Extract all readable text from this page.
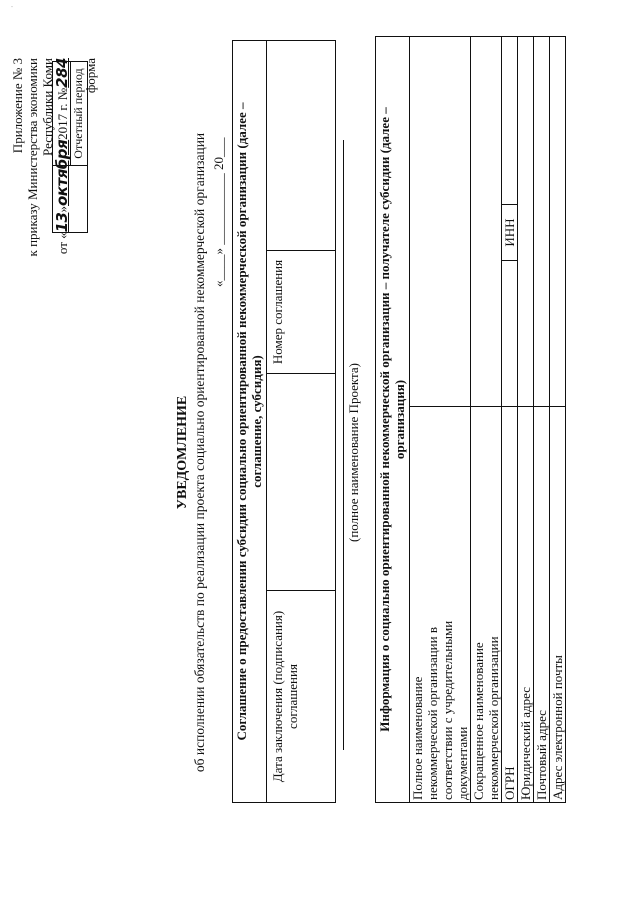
·
Приложение № 3 к приказу Министерства экономики Республики Коми
от «13»октября2017 г. №284 форма
Отчетный период
УВЕДОМЛЕНИЕ об исполнении обязательств по реализации проекта социально ориентированной некоммерческой организации «____» ___________ 20___ Соглашение о предоставлении субсидии социально ориентированной некоммерческой организации (далее – соглашение, субсидия)
Дата заключения (подписания) соглашения
Номер соглашения
(полное наименование Проекта) Информация о социально ориентированной некоммерческой организации – получателе субсидии (далее – организация)
Полное наименование некоммерческой организации в соответствии с учредительными документами Сокращенное наименование некоммерческой организации ОГРН
ИНН
Юридический адрес Почтовый адрес Адрес электронной почты
